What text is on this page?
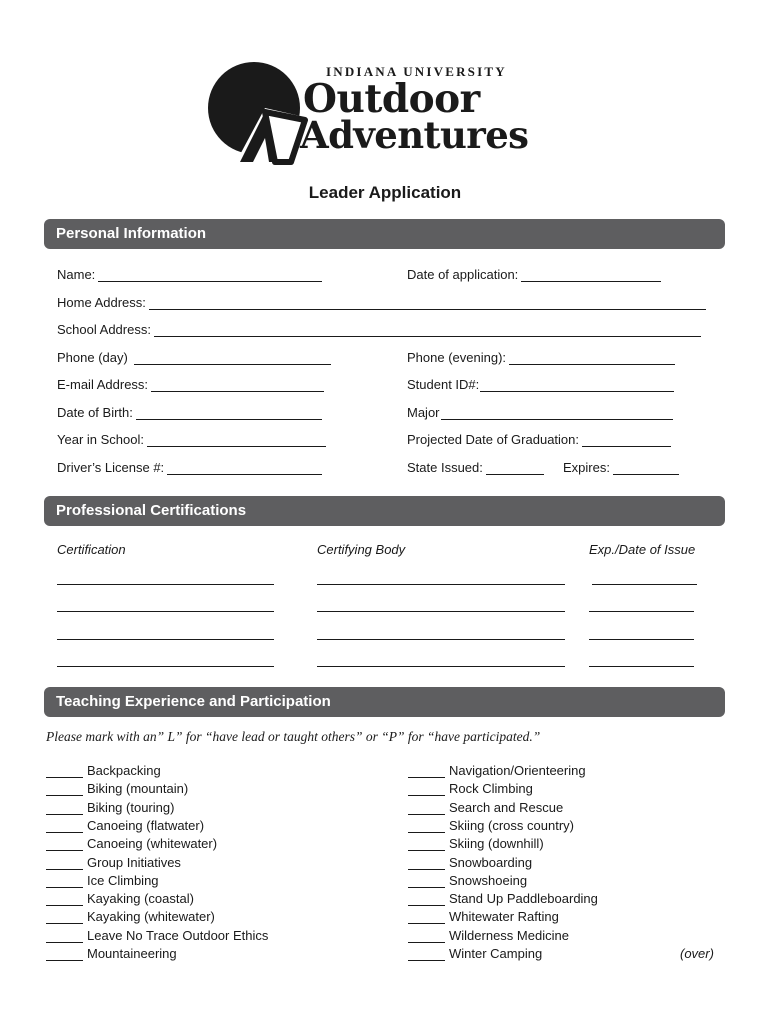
INDIANA UNIVERSITY
Outdoor
Adventures
Leader Application
Personal Information
Name:	Date of application:
Home Address:
School Address:
Phone (day)	Phone (evening):
E-mail Address:	Student ID#:
Date of Birth:	Major
Year in School:	Projected Date of Graduation:
Driver’s License #:	State Issued:	Expires:
Professional Certifications
Certification	Certifying Body	Exp./Date of Issue
Teaching Experience and Participation
Please mark with an” L” for “have lead or taught others” or “P” for “have participated.”
Backpacking
Biking (mountain)
Biking (touring)
Canoeing (flatwater)
Canoeing (whitewater)
Group Initiatives
Ice Climbing
Kayaking (coastal)
Kayaking (whitewater)
Leave No Trace Outdoor Ethics
Mountaineering
Navigation/Orienteering
Rock Climbing
Search and Rescue
Skiing (cross country)
Skiing (downhill)
Snowboarding
Snowshoeing
Stand Up Paddleboarding
Whitewater Rafting
Wilderness Medicine
Winter Camping	(over)
